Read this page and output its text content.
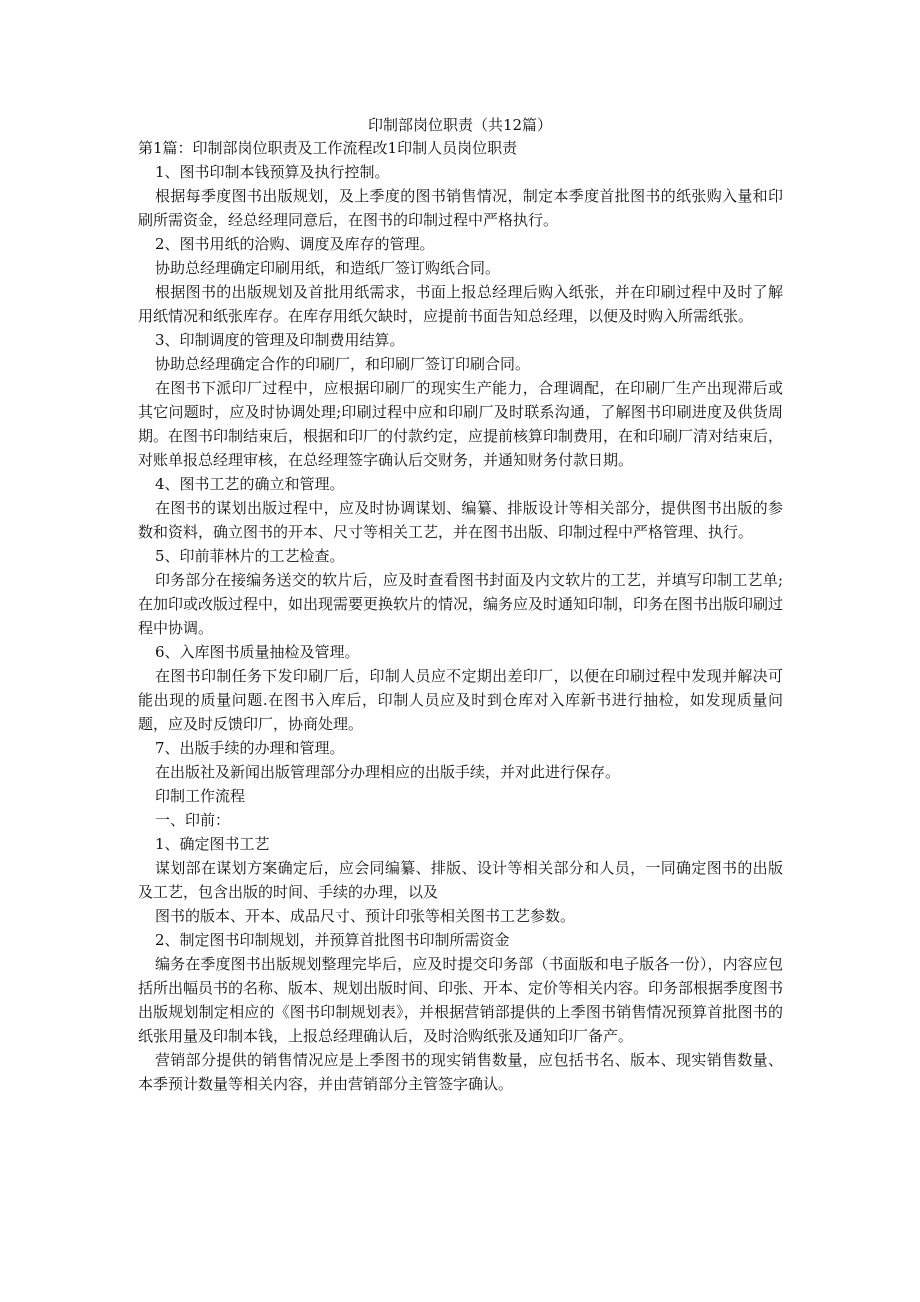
印制部岗位职责（共12篇）

第1篇：印制部岗位职责及工作流程改1印制人员岗位职责

1、图书印制本钱预算及执行控制。

根据每季度图书出版规划，及上季度的图书销售情况，制定本季度首批图书的纸张购入量和印刷所需资金，经总经理同意后，在图书的印制过程中严格执行。

2、图书用纸的洽购、调度及库存的管理。

协助总经理确定印刷用纸，和造纸厂签订购纸合同。

根据图书的出版规划及首批用纸需求，书面上报总经理后购入纸张，并在印刷过程中及时了解用纸情况和纸张库存。在库存用纸欠缺时，应提前书面告知总经理，以便及时购入所需纸张。

3、印制调度的管理及印制费用结算。

协助总经理确定合作的印刷厂，和印刷厂签订印刷合同。

在图书下派印厂过程中，应根据印刷厂的现实生产能力，合理调配，在印刷厂生产出现滞后或其它问题时，应及时协调处理;印刷过程中应和印刷厂及时联系沟通，了解图书印刷进度及供货周期。在图书印制结束后，根据和印厂的付款约定，应提前核算印制费用，在和印刷厂清对结束后，对账单报总经理审核，在总经理签字确认后交财务，并通知财务付款日期。

4、图书工艺的确立和管理。

在图书的谋划出版过程中，应及时协调谋划、编纂、排版设计等相关部分，提供图书出版的参数和资料，确立图书的开本、尺寸等相关工艺，并在图书出版、印制过程中严格管理、执行。

5、印前菲林片的工艺检查。

印务部分在接编务送交的软片后，应及时查看图书封面及内文软片的工艺，并填写印制工艺单;在加印或改版过程中，如出现需要更换软片的情况，编务应及时通知印制，印务在图书出版印刷过程中协调。

6、入库图书质量抽检及管理。

在图书印制任务下发印刷厂后，印制人员应不定期出差印厂，以便在印刷过程中发现并解决可能出现的质量问题.在图书入库后，印制人员应及时到仓库对入库新书进行抽检，如发现质量问题，应及时反馈印厂，协商处理。

7、出版手续的办理和管理。

在出版社及新闻出版管理部分办理相应的出版手续，并对此进行保存。

印制工作流程

一、印前：

1、确定图书工艺

谋划部在谋划方案确定后，应会同编纂、排版、设计等相关部分和人员，一同确定图书的出版及工艺，包含出版的时间、手续的办理，以及

图书的版本、开本、成品尺寸、预计印张等相关图书工艺参数。

2、制定图书印制规划，并预算首批图书印制所需资金

编务在季度图书出版规划整理完毕后，应及时提交印务部（书面版和电子版各一份），内容应包括所出幅员书的名称、版本、规划出版时间、印张、开本、定价等相关内容。印务部根据季度图书出版规划制定相应的《图书印制规划表》，并根据营销部提供的上季图书销售情况预算首批图书的纸张用量及印制本钱，上报总经理确认后，及时洽购纸张及通知印厂备产。

营销部分提供的销售情况应是上季图书的现实销售数量，应包括书名、版本、现实销售数量、本季预计数量等相关内容，并由营销部分主管签字确认。
